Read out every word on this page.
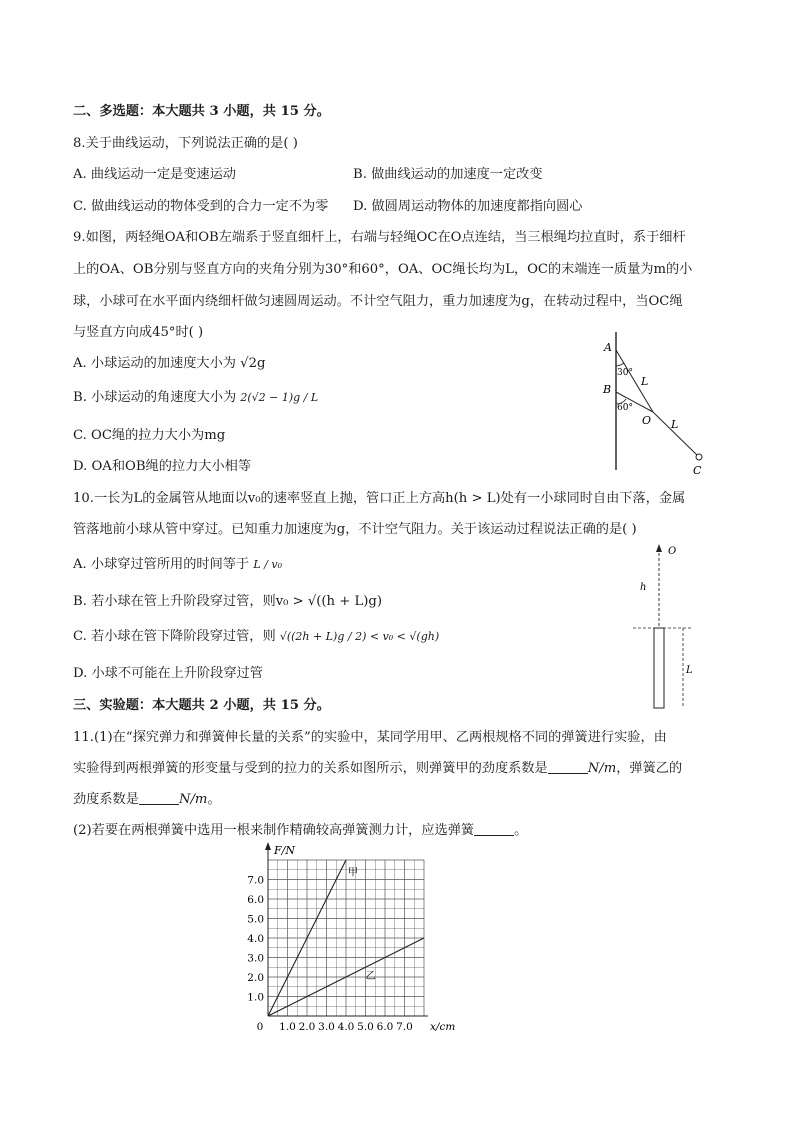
二、多选题：本大题共 3 小题，共 15 分。
8.关于曲线运动，下列说法正确的是( )
A. 曲线运动一定是变速运动	B. 做曲线运动的加速度一定改变
C. 做曲线运动的物体受到的合力一定不为零 D. 做圆周运动物体的加速度都指向圆心
9.如图，两轻绳OA和OB左端系于竖直细杆上，右端与轻绳OC在O点连结，当三根绳均拉直时，系于细杆
上的OA、OB分别与竖直方向的夹角分别为30°和60°，OA、OC绳长均为L，OC的末端连一质量为m的小
球，小球可在水平面内绕细杆做匀速圆周运动。不计空气阻力，重力加速度为g，在转动过程中，当OC绳
与竖直方向成45°时( )
A. 小球运动的加速度大小为 √2g
B. 小球运动的角速度大小为 2(√2 − 1)g / L
C. OC绳的拉力大小为mg
D. OA和OB绳的拉力大小相等
A
B
O
C
L
L
30°
60°
10.一长为L的金属管从地面以v₀的速率竖直上抛，管口正上方高h(h > L)处有一小球同时自由下落，金属
管落地前小球从管中穿过。已知重力加速度为g，不计空气阻力。关于该运动过程说法正确的是( )
A. 小球穿过管所用的时间等于 L / v₀
B. 若小球在管上升阶段穿过管，则v₀ > √((h + L)g)
C. 若小球在管下降阶段穿过管，则 √((2h + L)g / 2) < v₀ < √(gh)
D. 小球不可能在上升阶段穿过管
O
h
L
三、实验题：本大题共 2 小题，共 15 分。
11.(1)在“探究弹力和弹簧伸长量的关系”的实验中，某同学用甲、乙两根规格不同的弹簧进行实验，由
实验得到两根弹簧的形变量与受到的拉力的关系如图所示，则弹簧甲的劲度系数是	N/m，弹簧乙的
劲度系数是	N/m。
(2)若要在两根弹簧中选用一根来制作精确较高弹簧测力计，应选弹簧	。
1.0 2.0 3.0 4.0 5.0 6.0 7.0
1.0
2.0
3.0
4.0
5.0
6.0
7.0
0
F/N
x/cm
甲
乙
